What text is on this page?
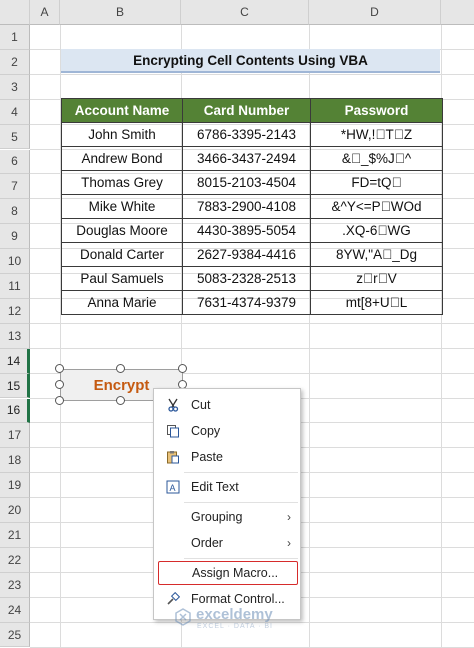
A	B	C	D
1
2
3
4
5
6
7
8
9
10
11
12
13
14
15
16
17
18
19
20
21
22
23
24
25
Encrypting Cell Contents Using VBA
Account Name	Card Number	Password
John Smith	6786-3395-2143	*HW,! T Z
Andrew Bond	3466-3437-2494	& _$%J ^
Thomas Grey	8015-2103-4504	FD=tQ 
Mike White	7883-2900-4108	&^Y<=P WOd
Douglas Moore	4430-3895-5054	.XQ-6 WG
Donald Carter	2627-9384-4416	8YW,"A _Dg
Paul Samuels	5083-2328-2513	z r V
Anna Marie	7631-4374-9379	mt[8+U L
Encrypt
Cut
Copy
Paste
A Edit Text
Grouping	›
Order	›
Assign Macro...
Format Control...
exceldemy
EXCEL · DATA · BI
